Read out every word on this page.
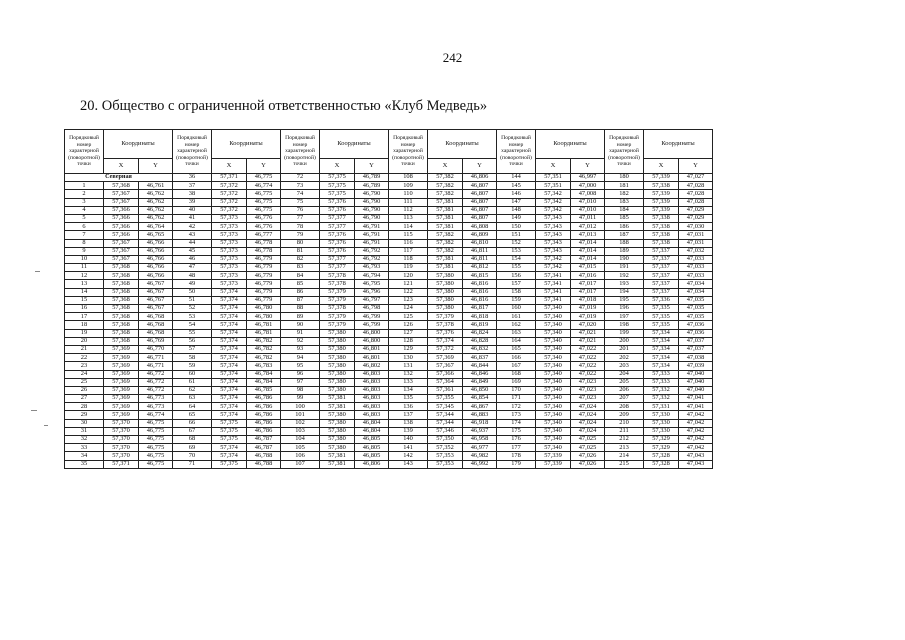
242
20. Общество с ограниченной ответственностью «Клуб Медведь»
Порядковый номер характерной (поворотной) точки	Координаты		Порядковый номер характерной (поворотной) точки	Координаты		Порядковый номер характерной (поворотной) точки	Координаты		Порядковый номер характерной (поворотной) точки	Координаты		Порядковый номер характерной (поворотной) точки	Координаты		Порядковый номер характерной (поворотной) точки	Координаты	
	X	Y		X	Y		X	Y		X	Y		X	Y		X	Y
Северная			36	57,371	46,775	72	57,375	46,789	108	57,382	46,806	144	57,351	46,997	180	57,339	47,027
1	57,368	46,761	37	57,372	46,774	73	57,375	46,789	109	57,382	46,807	145	57,351	47,000	181	57,338	47,028
2	57,367	46,762	38	57,372	46,775	74	57,375	46,790	110	57,382	46,807	146	57,342	47,008	182	57,339	47,028
3	57,367	46,762	39	57,372	46,775	75	57,376	46,790	111	57,381	46,807	147	57,342	47,010	183	57,339	47,028
4	57,366	46,762	40	57,372	46,775	76	57,376	46,790	112	57,381	46,807	148	57,342	47,010	184	57,339	47,029
5	57,366	46,762	41	57,373	46,776	77	57,377	46,790	113	57,381	46,807	149	57,343	47,011	185	57,338	47,029
6	57,366	46,764	42	57,373	46,776	78	57,377	46,791	114	57,381	46,808	150	57,343	47,012	186	57,338	47,030
7	57,366	46,765	43	57,373	46,777	79	57,376	46,791	115	57,382	46,809	151	57,343	47,013	187	57,338	47,031
8	57,367	46,766	44	57,373	46,778	80	57,376	46,791	116	57,382	46,810	152	57,343	47,014	188	57,338	47,031
9	57,367	46,766	45	57,373	46,778	81	57,376	46,792	117	57,382	46,811	153	57,343	47,014	189	57,337	47,032
10	57,367	46,766	46	57,373	46,779	82	57,377	46,792	118	57,381	46,811	154	57,342	47,014	190	57,337	47,033
11	57,368	46,766	47	57,373	46,779	83	57,377	46,793	119	57,381	46,812	155	57,342	47,015	191	57,337	47,033
12	57,368	46,766	48	57,373	46,779	84	57,378	46,794	120	57,380	46,815	156	57,341	47,016	192	57,337	47,033
13	57,368	46,767	49	57,373	46,779	85	57,378	46,795	121	57,380	46,816	157	57,341	47,017	193	57,337	47,034
14	57,368	46,767	50	57,374	46,779	86	57,379	46,796	122	57,380	46,816	158	57,341	47,017	194	57,337	47,034
15	57,368	46,767	51	57,374	46,779	87	57,379	46,797	123	57,380	46,816	159	57,341	47,018	195	57,336	47,035
16	57,368	46,767	52	57,374	46,780	88	57,378	46,798	124	57,380	46,817	160	57,340	47,019	196	57,335	47,035
17	57,368	46,768	53	57,374	46,780	89	57,379	46,799	125	57,379	46,818	161	57,340	47,019	197	57,335	47,035
18	57,368	46,768	54	57,374	46,781	90	57,379	46,799	126	57,378	46,819	162	57,340	47,020	198	57,335	47,036
19	57,368	46,768	55	57,374	46,781	91	57,380	46,800	127	57,376	46,824	163	57,340	47,021	199	57,334	47,036
20	57,368	46,769	56	57,374	46,782	92	57,380	46,800	128	57,374	46,828	164	57,340	47,021	200	57,334	47,037
21	57,369	46,770	57	57,374	46,782	93	57,380	46,801	129	57,372	46,832	165	57,340	47,022	201	57,334	47,037
22	57,369	46,771	58	57,374	46,782	94	57,380	46,801	130	57,369	46,837	166	57,340	47,022	202	57,334	47,038
23	57,369	46,771	59	57,374	46,783	95	57,380	46,802	131	57,367	46,844	167	57,340	47,022	203	57,334	47,039
24	57,369	46,772	60	57,374	46,784	96	57,380	46,803	132	57,366	46,846	168	57,340	47,022	204	57,333	47,040
25	57,369	46,772	61	57,374	46,784	97	57,380	46,803	133	57,364	46,849	169	57,340	47,023	205	57,333	47,040
26	57,369	46,772	62	57,374	46,785	98	57,380	46,803	134	57,361	46,850	170	57,340	47,023	206	57,332	47,040
27	57,369	46,773	63	57,374	46,786	99	57,381	46,803	135	57,355	46,854	171	57,340	47,023	207	57,332	47,041
28	57,369	46,773	64	57,374	46,786	100	57,381	46,803	136	57,345	46,867	172	57,340	47,024	208	57,331	47,041
29	57,369	46,774	65	57,374	46,786	101	57,380	46,803	137	57,344	46,883	173	57,340	47,024	209	57,330	47,042
30	57,370	46,775	66	57,375	46,786	102	57,380	46,804	138	57,344	46,918	174	57,340	47,024	210	57,330	47,042
31	57,370	46,775	67	57,375	46,786	103	57,380	46,804	139	57,346	46,937	175	57,340	47,024	211	57,330	47,042
32	57,370	46,775	68	57,375	46,787	104	57,380	46,805	140	57,350	46,958	176	57,340	47,025	212	57,329	47,042
33	57,370	46,775	69	57,374	46,787	105	57,380	46,805	141	57,352	46,977	177	57,340	47,025	213	57,329	47,042
34	57,370	46,775	70	57,374	46,788	106	57,381	46,805	142	57,353	46,982	178	57,339	47,026	214	57,328	47,043
35	57,371	46,775	71	57,375	46,788	107	57,381	46,806	143	57,353	46,992	179	57,339	47,026	215	57,328	47,043
